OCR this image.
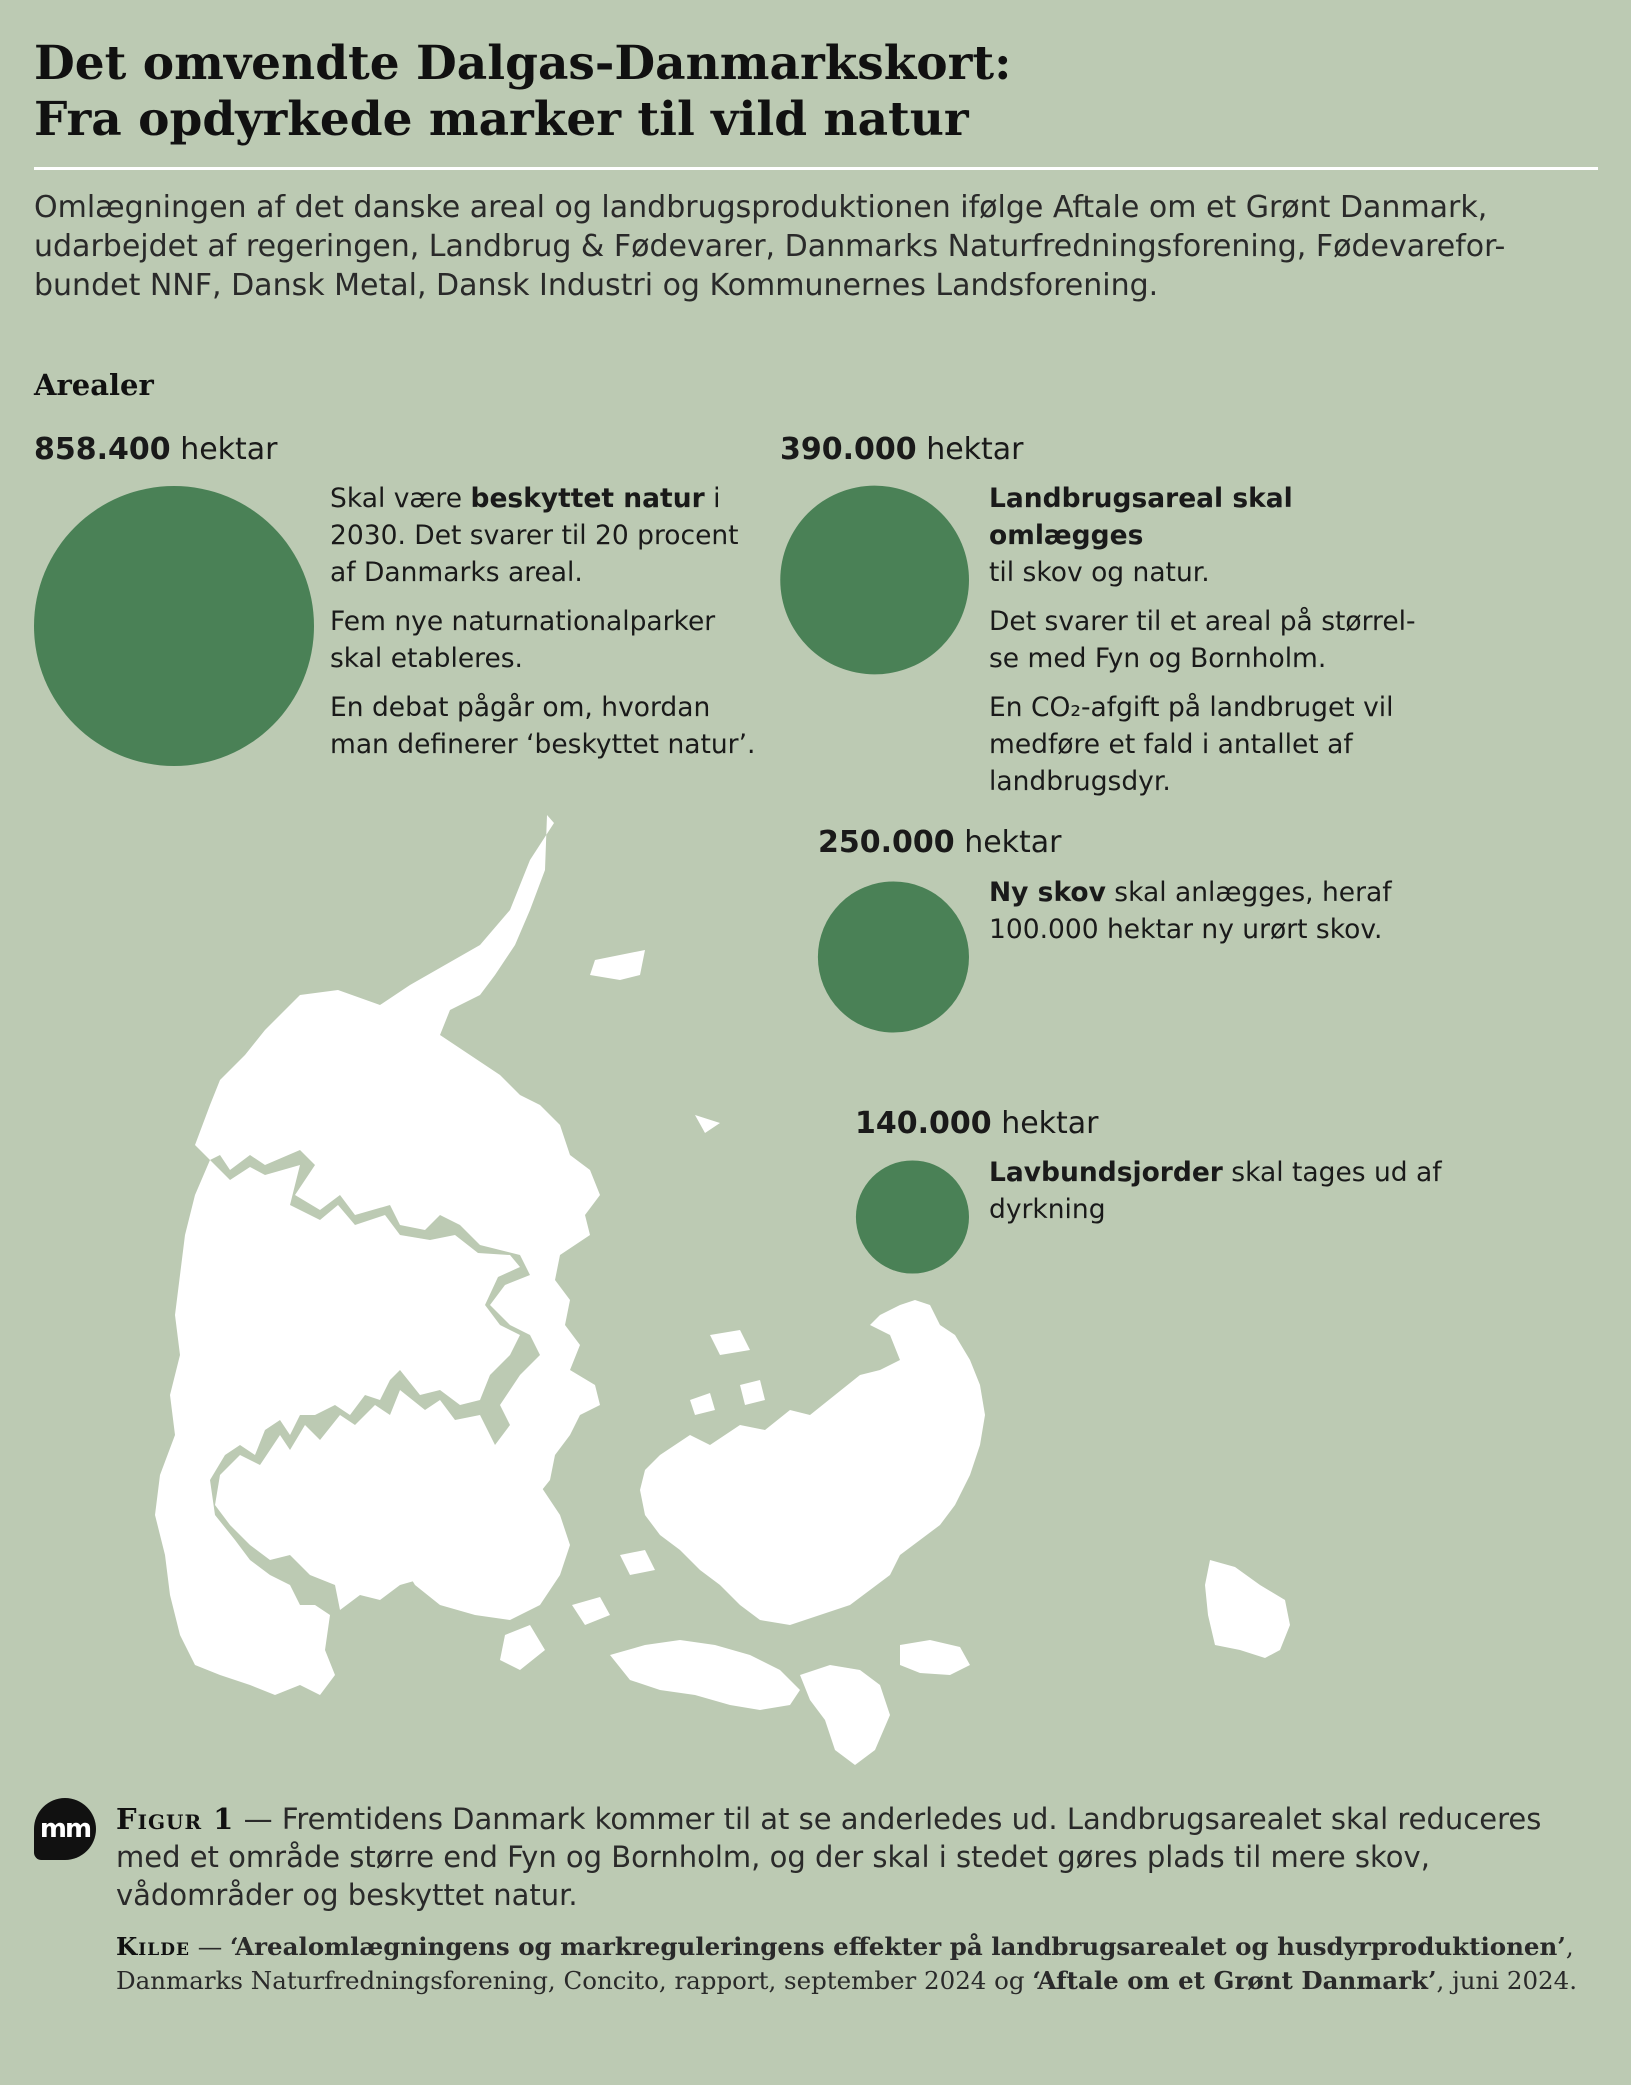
Det omvendte Dalgas-Danmarkskort:
Fra opdyrkede marker til vild natur
Omlægningen af det danske areal og landbrugsproduktionen ifølge Aftale om et Grønt Danmark,
udarbejdet af regeringen, Landbrug & Fødevarer, Danmarks Naturfredningsforening, Fødevarefor-
bundet NNF, Dansk Metal, Dansk Industri og Kommunernes Landsforening.
Arealer
858.400 hektar	390.000 hektar
250.000 hektar
140.000 hektar

Skal være beskyttet natur i
2030. Det svarer til 20 procent
af Danmarks areal.

Fem nye naturnationalparker
skal etableres.

En debat pågår om, hvordan
man definerer ‘beskyttet natur’.

Landbrugsareal skal omlægges
til skov og natur.

Det svarer til et areal på størrel-
se med Fyn og Bornholm.

En CO₂-afgift på landbruget vil
medføre et fald i antallet af
landbrugsdyr.

Ny skov skal anlægges, heraf
100.000 hektar ny urørt skov.

Lavbundsjorder skal tages ud af
dyrkning

mm Figur 1 — Fremtidens Danmark kommer til at se anderledes ud. Landbrugsarealet skal reduceres med et område større end Fyn og Bornholm, og der skal i stedet gøres plads til mere skov, vådområder og beskyttet natur.
Kilde — ‘Arealomlægningens og markreguleringens effekter på landbrugsarealet og husdyrproduktionen’, Danmarks Naturfredningsforening, Concito, rapport, september 2024 og ‘Aftale om et Grønt Danmark’, juni 2024.
